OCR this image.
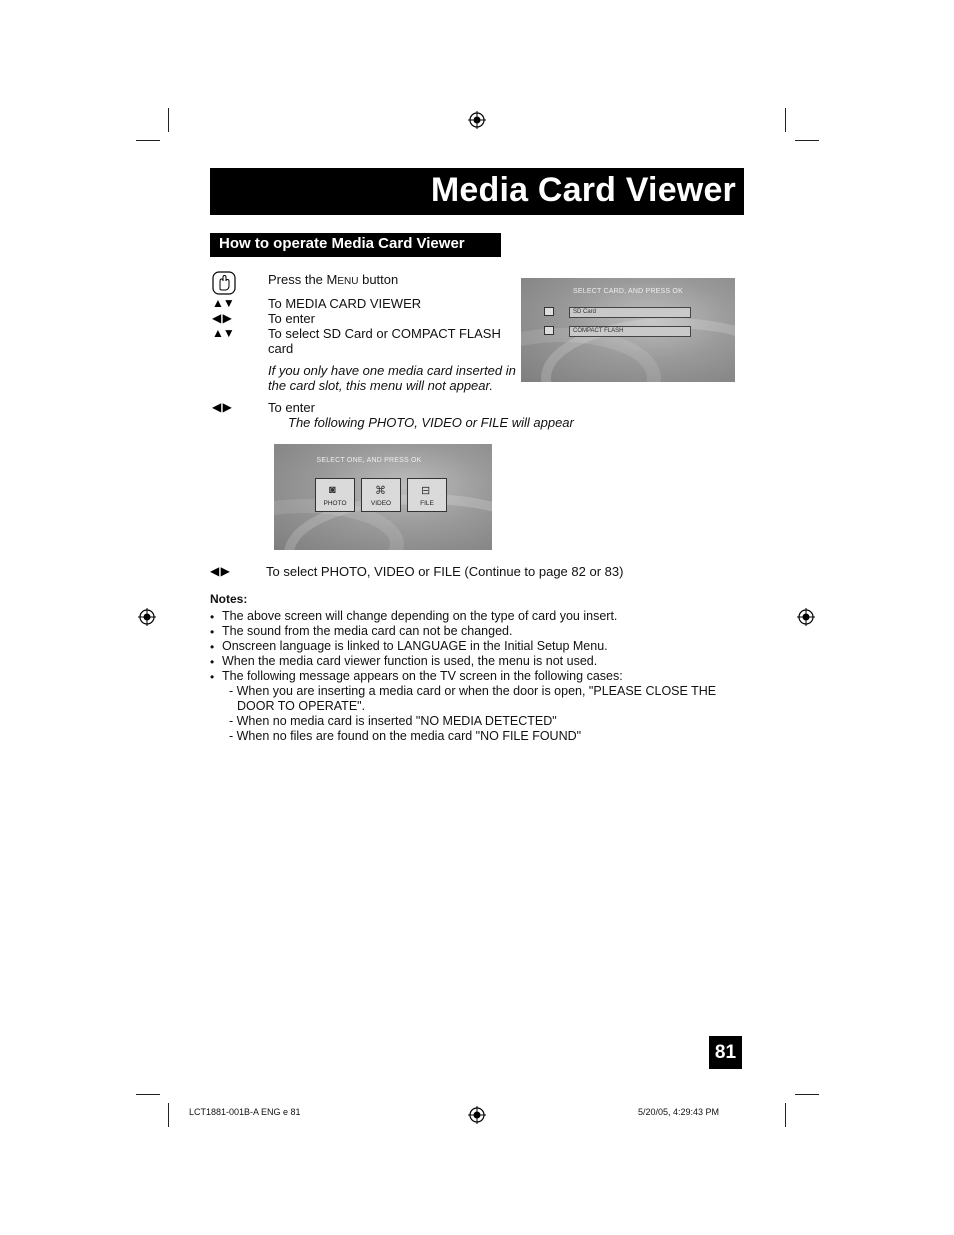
Media Card Viewer
How to operate Media Card Viewer
Press the MENU button
▲▼	To MEDIA CARD VIEWER
◀ ▶	To enter
▲▼	To select SD Card or COMPACT FLASH card
If you only have one media card inserted in the card slot, this menu will not appear.
SELECT CARD, AND PRESS OK
SD Card
COMPACT FLASH
◀ ▶	To enter
The following PHOTO, VIDEO or FILE will appear
SELECT ONE, AND PRESS OK
◙
PHOTO
⌘
VIDEO
⊟
FILE
◀ ▶	To select PHOTO, VIDEO or FILE (Continue to page 82 or 83)
Notes:
• The above screen will change depending on the type of card you insert.
• The sound from the media card can not be changed.
• Onscreen language is linked to LANGUAGE in the Initial Setup Menu.
• When the media card viewer function is used, the menu is not used.
• The following message appears on the TV screen in the following cases:
- When you are inserting a media card or when the door is open, "PLEASE CLOSE THE
DOOR TO OPERATE".
- When no media card is inserted "NO MEDIA DETECTED"
- When no files are found on the media card "NO FILE FOUND"
81
LCT1881-001B-A ENG e 81	5/20/05, 4:29:43 PM
